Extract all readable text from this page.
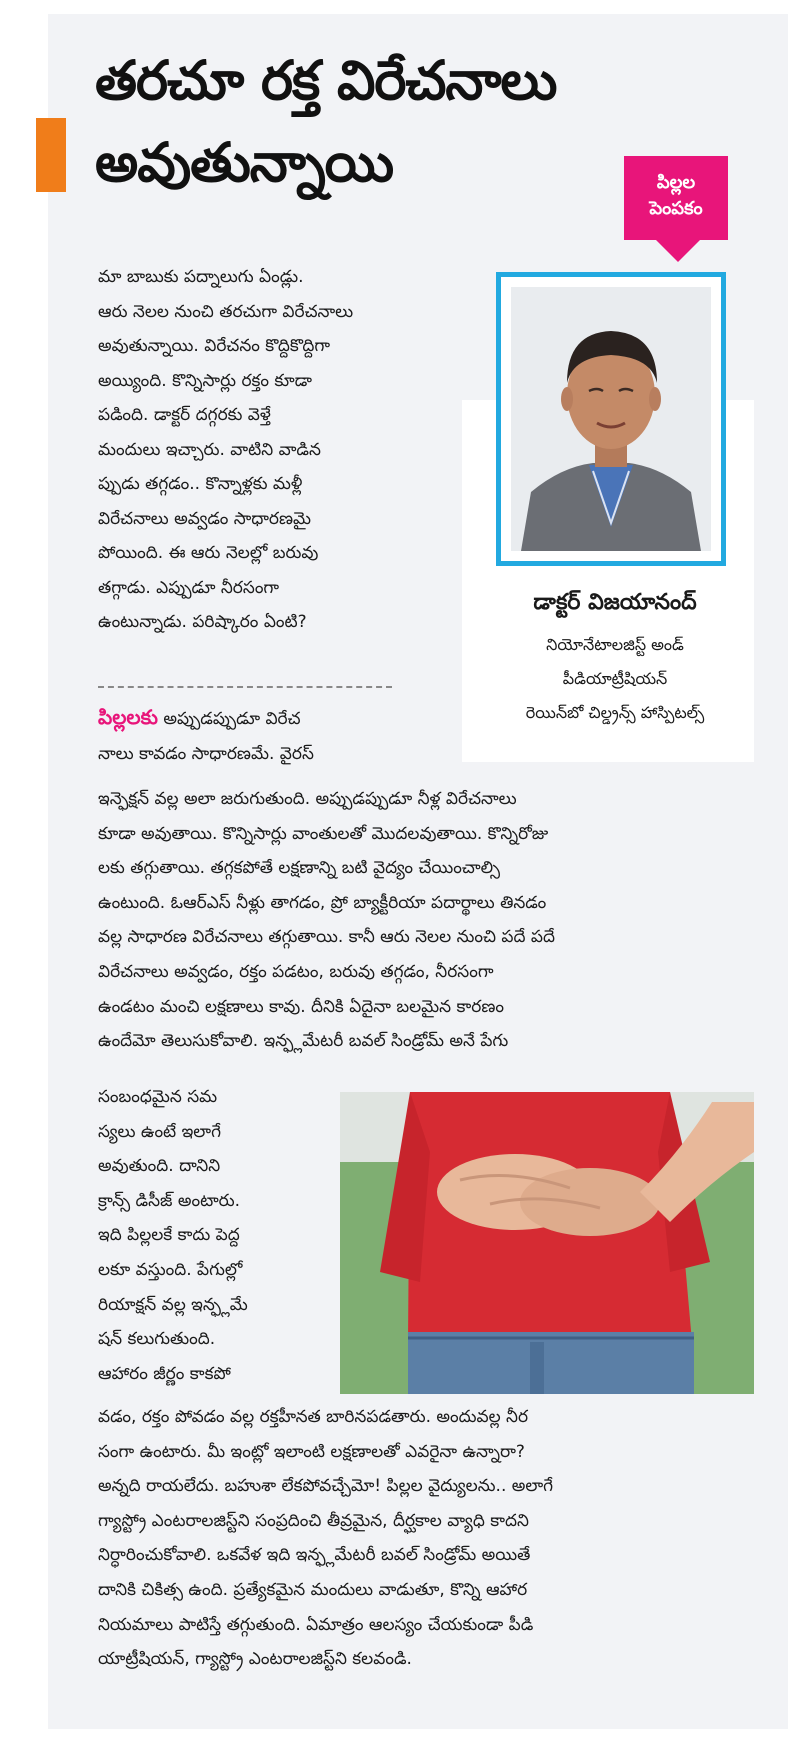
తరచూ రక్త విరేచనాలు
అవుతున్నాయి	పిల్లల
పెంపకం
డాక్టర్ విజయానంద్
నియోనేటాలజిస్ట్ అండ్
పీడియాట్రీషియన్
రెయిన్‌బో చిల్డ్రన్స్ హాస్పిటల్స్
మా బాబుకు పద్నాలుగు ఏండ్లు.
ఆరు నెలల నుంచి తరచుగా విరేచనాలు
అవుతున్నాయి. విరేచనం కొద్దికొద్దిగా
అయ్యింది. కొన్నిసార్లు రక్తం కూడా
పడింది. డాక్టర్ దగ్గరకు వెళ్తే
మందులు ఇచ్చారు. వాటిని వాడిన
ప్పుడు తగ్గడం.. కొన్నాళ్లకు మళ్లీ
విరేచనాలు అవ్వడం సాధారణమై
పోయింది. ఈ ఆరు నెలల్లో బరువు
తగ్గాడు. ఎప్పుడూ నీరసంగా
ఉంటున్నాడు. పరిష్కారం ఏంటి?
పిల్లలకు అప్పుడప్పుడూ విరేచ
నాలు కావడం సాధారణమే. వైరస్
ఇన్ఫెక్షన్ వల్ల అలా జరుగుతుంది. అప్పుడప్పుడూ నీళ్ల విరేచనాలు
కూడా అవుతాయి. కొన్నిసార్లు వాంతులతో మొదలవుతాయి. కొన్నిరోజు
లకు తగ్గుతాయి. తగ్గకపోతే లక్షణాన్ని బటి వైద్యం చేయించాల్సి
ఉంటుంది. ఓఆర్ఎస్ నీళ్లు తాగడం, ప్రో బ్యాక్టీరియా పదార్థాలు తినడం
వల్ల సాధారణ విరేచనాలు తగ్గుతాయి. కానీ ఆరు నెలల నుంచి పదే పదే
విరేచనాలు అవ్వడం, రక్తం పడటం, బరువు తగ్గడం, నీరసంగా
ఉండటం మంచి లక్షణాలు కావు. దీనికి ఏదైనా బలమైన కారణం
ఉందేమో తెలుసుకోవాలి. ఇన్ఫ్లమేటరీ బవల్ సిండ్రోమ్ అనే పేగు
సంబంధమైన సమ
స్యలు ఉంటే ఇలాగే
అవుతుంది. దానిని
క్రాన్స్ డిసీజ్ అంటారు.
ఇది పిల్లలకే కాదు పెద్ద
లకూ వస్తుంది. పేగుల్లో
రియాక్షన్ వల్ల ఇన్ఫ్లమే
షన్ కలుగుతుంది.
ఆహారం జీర్ణం కాకపో
వడం, రక్తం పోవడం వల్ల రక్తహీనత బారినపడతారు. అందువల్ల నీర
సంగా ఉంటారు. మీ ఇంట్లో ఇలాంటి లక్షణాలతో ఎవరైనా ఉన్నారా?
అన్నది రాయలేదు. బహుశా లేకపోవచ్చేమో! పిల్లల వైద్యులను.. అలాగే
గ్యాస్ట్రో ఎంటరాలజిస్ట్‌ని సంప్రదించి తీవ్రమైన, దీర్ఘకాల వ్యాధి కాదని
నిర్ధారించుకోవాలి. ఒకవేళ ఇది ఇన్ఫ్లమేటరీ బవల్ సిండ్రోమ్ అయితే
దానికి చికిత్స ఉంది. ప్రత్యేకమైన మందులు వాడుతూ, కొన్ని ఆహార
నియమాలు పాటిస్తే తగ్గుతుంది. ఏమాత్రం ఆలస్యం చేయకుండా పీడి
యాట్రీషియన్, గ్యాస్ట్రో ఎంటరాలజిస్ట్‌ని కలవండి.
